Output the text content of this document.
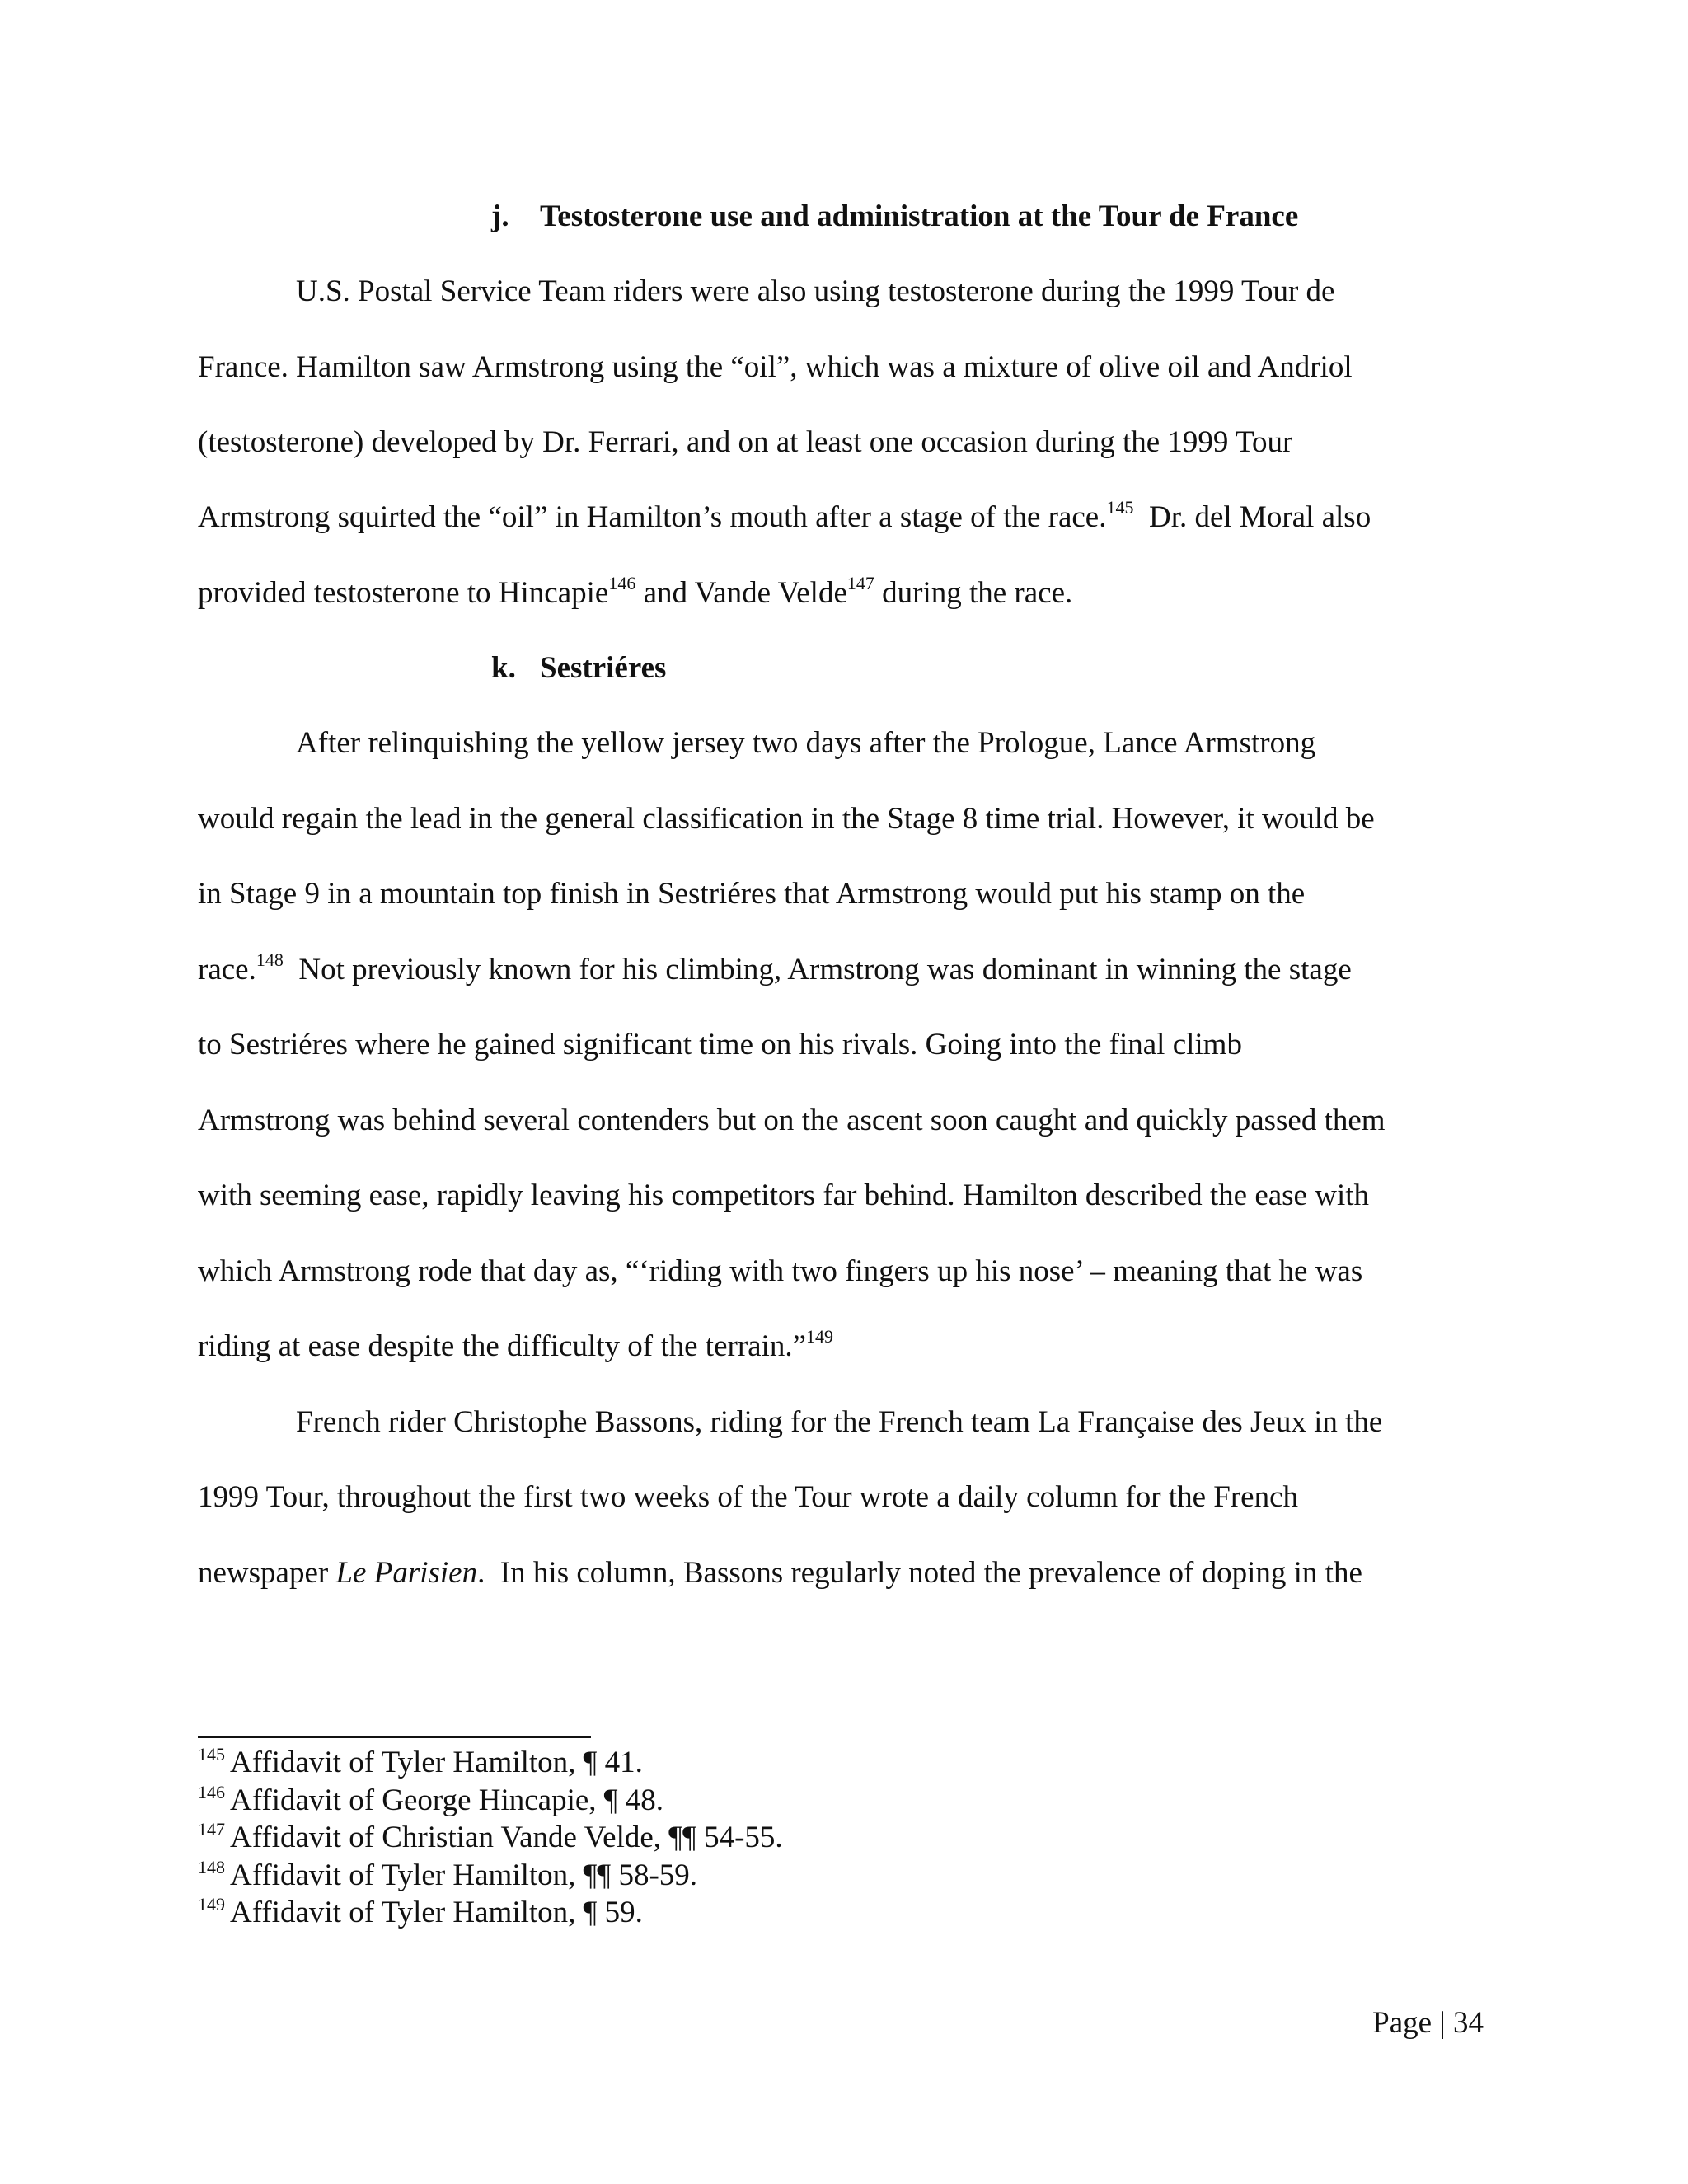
j. Testosterone use and administration at the Tour de France
U.S. Postal Service Team riders were also using testosterone during the 1999 Tour de
France. Hamilton saw Armstrong using the “oil”, which was a mixture of olive oil and Andriol
(testosterone) developed by Dr. Ferrari, and on at least one occasion during the 1999 Tour
Armstrong squirted the “oil” in Hamilton’s mouth after a stage of the race.$^{145}$  Dr. del Moral also
provided testosterone to Hincapie$^{146}$ and Vande Velde$^{147}$ during the race.
k. Sestriéres
After relinquishing the yellow jersey two days after the Prologue, Lance Armstrong
would regain the lead in the general classification in the Stage 8 time trial. However, it would be
in Stage 9 in a mountain top finish in Sestriéres that Armstrong would put his stamp on the
race.$^{148}$  Not previously known for his climbing, Armstrong was dominant in winning the stage
to Sestriéres where he gained significant time on his rivals. Going into the final climb
Armstrong was behind several contenders but on the ascent soon caught and quickly passed them
with seeming ease, rapidly leaving his competitors far behind. Hamilton described the ease with
which Armstrong rode that day as, “‘riding with two fingers up his nose’ – meaning that he was
riding at ease despite the difficulty of the terrain.”$^{149}$
French rider Christophe Bassons, riding for the French team La Française des Jeux in the
1999 Tour, throughout the first two weeks of the Tour wrote a daily column for the French
newspaper Le Parisien.  In his column, Bassons regularly noted the prevalence of doping in the
$^{145}$ Affidavit of Tyler Hamilton, ¶ 41.
$^{146}$ Affidavit of George Hincapie, ¶ 48.
$^{147}$ Affidavit of Christian Vande Velde, ¶¶ 54-55.
$^{148}$ Affidavit of Tyler Hamilton, ¶¶ 58-59.
$^{149}$ Affidavit of Tyler Hamilton, ¶ 59.
Page | 34
